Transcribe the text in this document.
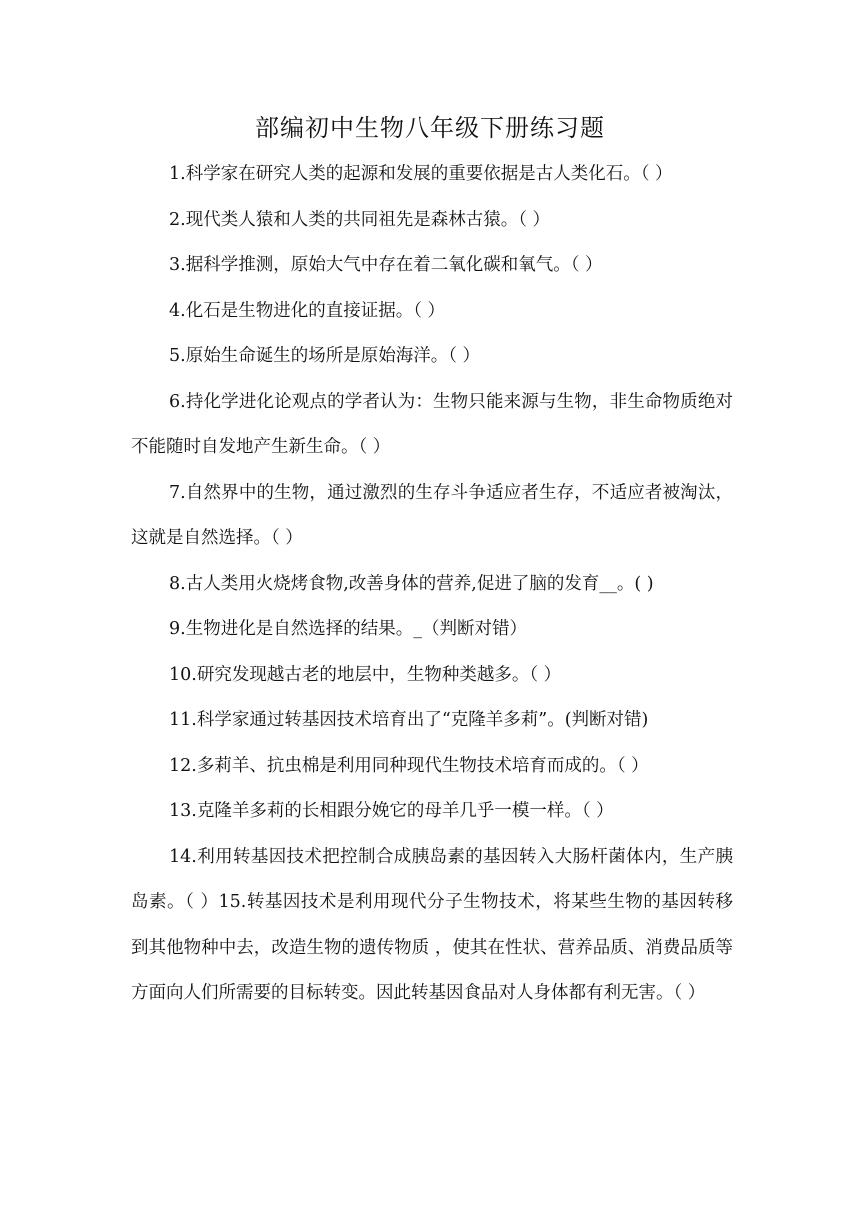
部编初中生物八年级下册练习题

1.科学家在研究人类的起源和发展的重要依据是古人类化石。（ ）

2.现代类人猿和人类的共同祖先是森林古猿。（ ）

3.据科学推测，原始大气中存在着二氧化碳和氧气。（ ）

4.化石是生物进化的直接证据。（ ）

5.原始生命诞生的场所是原始海洋。（ ）

6.持化学进化论观点的学者认为：生物只能来源与生物，非生命物质绝对不能随时自发地产生新生命。（ ）

7.自然界中的生物，通过激烈的生存斗争适应者生存，不适应者被淘汰，这就是自然选择。（ ）

8.古人类用火烧烤食物,改善身体的营养,促进了脑的发育__。( )

9.生物进化是自然选择的结果。_（判断对错）

10.研究发现越古老的地层中，生物种类越多。（ ）

11.科学家通过转基因技术培育出了“克隆羊多莉”。(判断对错)

12.多莉羊、抗虫棉是利用同种现代生物技术培育而成的。（ ）

13.克隆羊多莉的长相跟分娩它的母羊几乎一模一样。（ ）

14.利用转基因技术把控制合成胰岛素的基因转入大肠杆菌体内，生产胰岛素。（ ）15.转基因技术是利用现代分子生物技术，将某些生物的基因转移到其他物种中去，改造生物的遗传物质 ，使其在性状、营养品质、消费品质等方面向人们所需要的目标转变。因此转基因食品对人身体都有利无害。（ ）
